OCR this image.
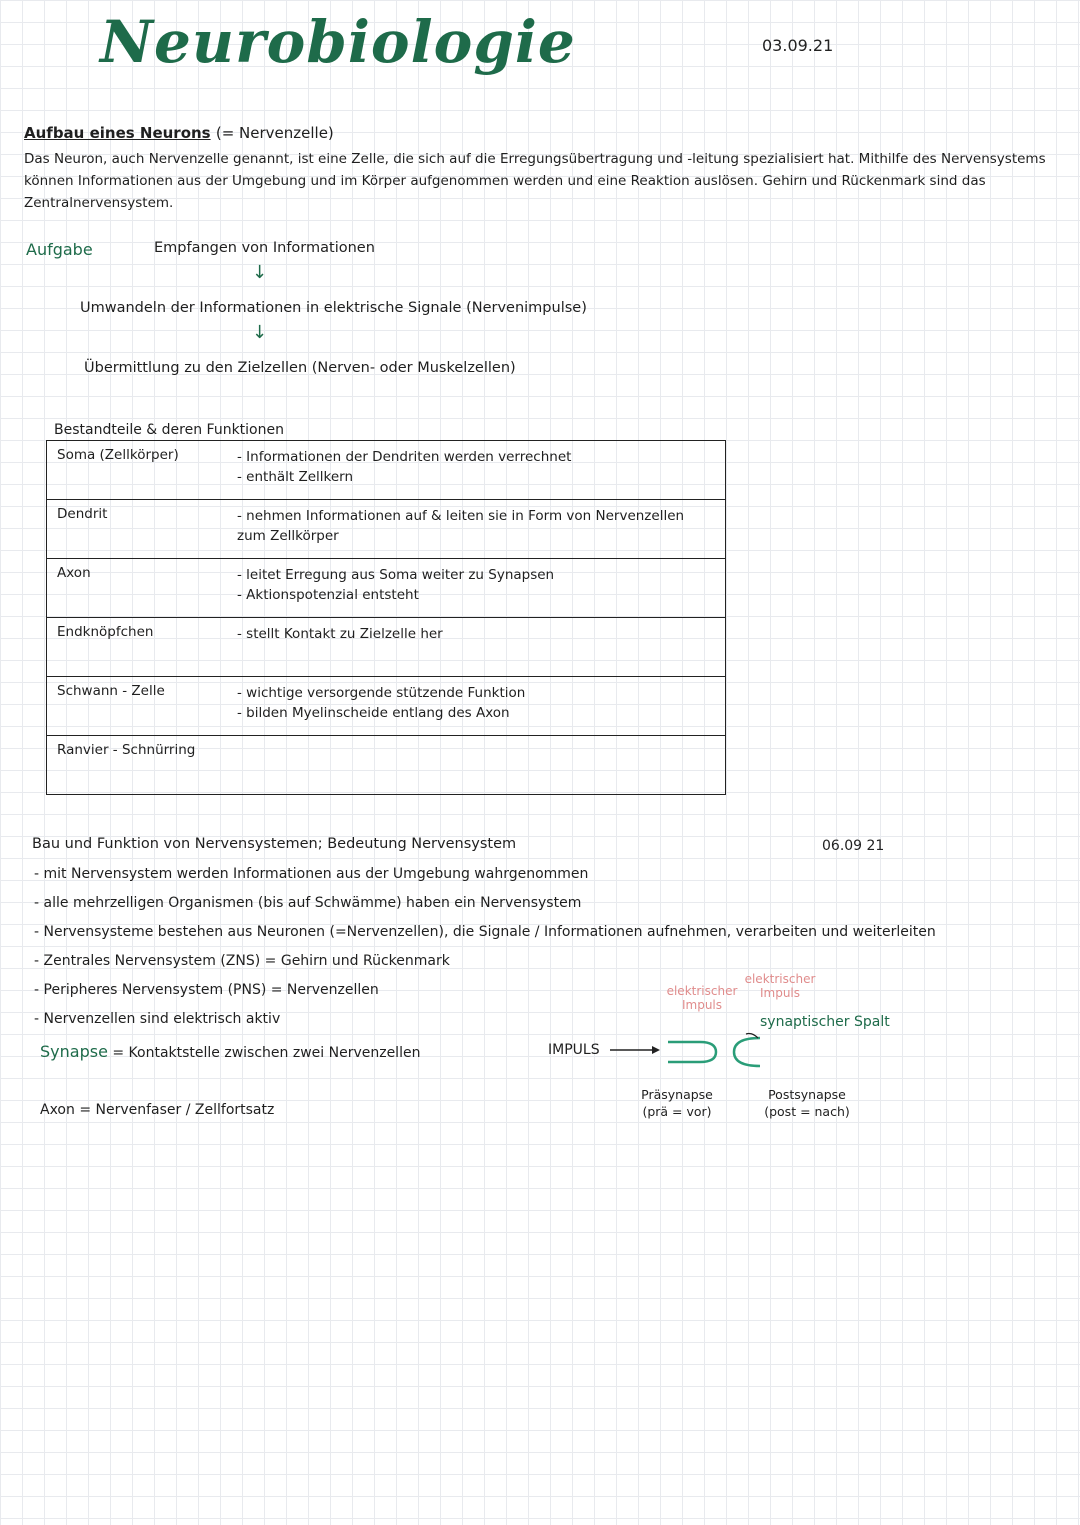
Neurobiologie	03.09.21
Aufbau eines Neurons (= Nervenzelle)
Das Neuron, auch Nervenzelle genannt, ist eine Zelle, die sich auf die Erregungsübertragung und -leitung spezialisiert hat. Mithilfe des Nervensystems können Informationen aus der Umgebung und im Körper aufgenommen werden und eine Reaktion auslösen. Gehirn und Rückenmark sind das Zentralnervensystem.
Aufgabe	Empfangen von Informationen
↓
Umwandeln der Informationen in elektrische Signale (Nervenimpulse)
↓
Übermittlung zu den Zielzellen (Nerven- oder Muskelzellen)
Bestandteile & deren Funktionen
Soma (Zellkörper)	- Informationen der Dendriten werden verrechnet
- enthält Zellkern
Dendrit	- nehmen Informationen auf & leiten sie in Form von Nervenzellen zum Zellkörper
Axon	- leitet Erregung aus Soma weiter zu Synapsen
- Aktionspotenzial entsteht
Endknöpfchen	- stellt Kontakt zu Zielzelle her
Schwann - Zelle	- wichtige versorgende stützende Funktion
- bilden Myelinscheide entlang des Axon
Ranvier - Schnürring	
Bau und Funktion von Nervensystemen; Bedeutung Nervensystem	06.09 21
- mit Nervensystem werden Informationen aus der Umgebung wahrgenommen
- alle mehrzelligen Organismen (bis auf Schwämme) haben ein Nervensystem
- Nervensysteme bestehen aus Neuronen (=Nervenzellen), die Signale / Informationen aufnehmen, verarbeiten und weiterleiten
- Zentrales Nervensystem (ZNS) = Gehirn und Rückenmark
- Peripheres Nervensystem (PNS) = Nervenzellen
- Nervenzellen sind elektrisch aktiv
Synapse = Kontaktstelle zwischen zwei Nervenzellen
Axon = Nervenfaser / Zellfortsatz
IMPULS
elektrischer Impuls
elektrischer Impuls
synaptischer Spalt
Präsynapse
(prä = vor)
Postsynapse
(post = nach)
